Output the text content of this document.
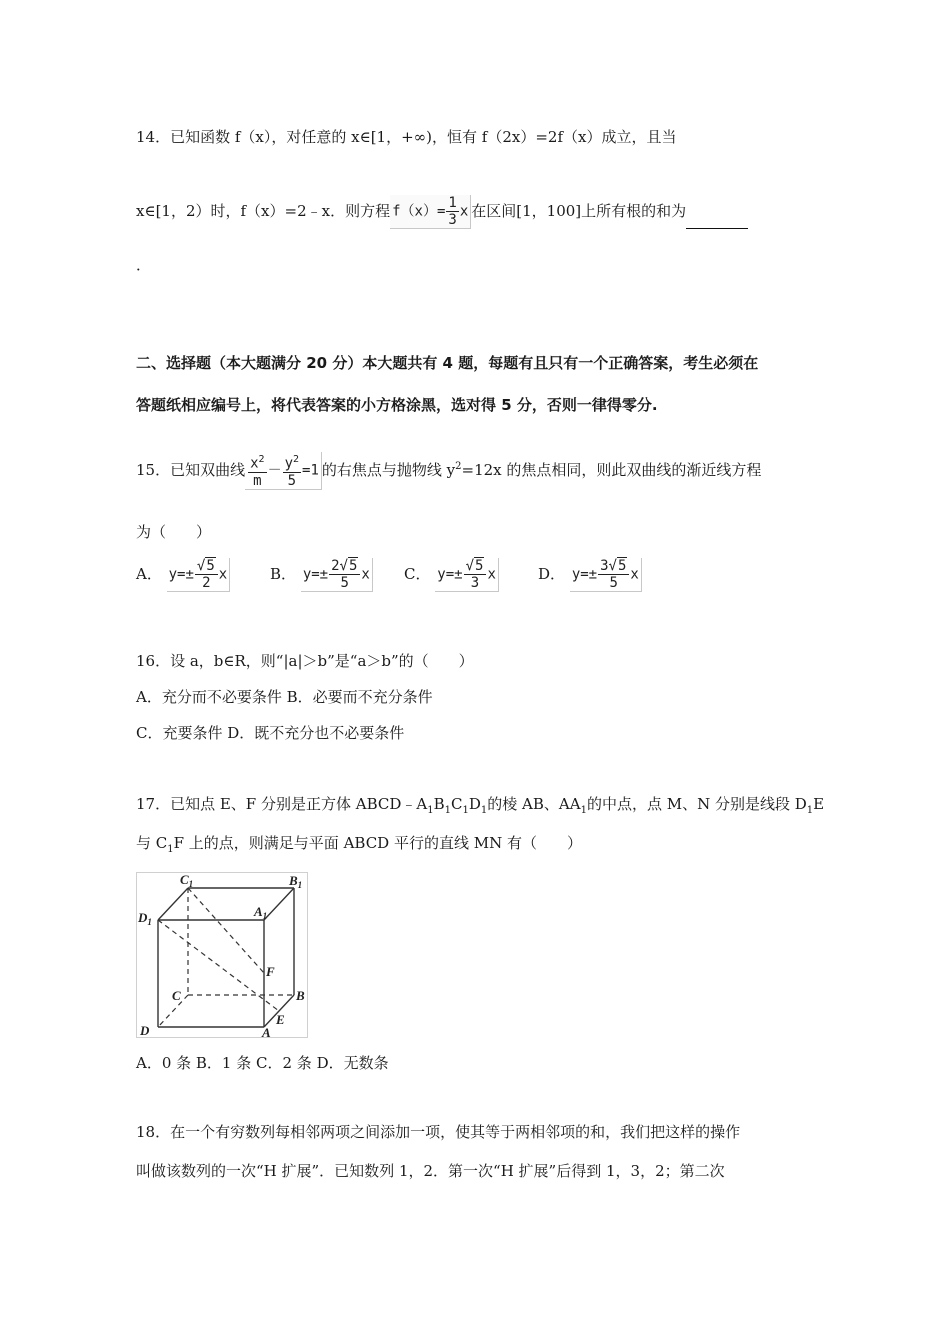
14．已知函数 f（x），对任意的 x∈[1，+∞)，恒有 f（2x）=2f（x）成立，且当
x∈[1，2）时，f（x）=2﹣x．则方程 $f(x)= \frac{1}{3}$ x 在区间[1，100]上所有根的和为
．
二、选择题（本大题满分 20 分）本大题共有 4 题，每题有且只有一个正确答案，考生必须在
答题纸相应编号上，将代表答案的小方格涂黑，选对得 5 分，否则一律得零分.
15．已知双曲线 $\frac{x^2}{m} - \frac{y^2}{5} =1$ 的右焦点与抛物线 $y^2=12x$ 的焦点相同，则此双曲线的渐近线方程
为（　　）
A． $y=\pm \frac{√5}{2}$ x	B． $y=\pm \frac{2√5}{5}$ x C． $y=\pm \frac{√5}{3}$ x	D． $y=\pm \frac{3√5}{5}$ x
16．设 a，b∈R，则“|a|＞b”是“a＞b”的（　　）
A．充分而不必要条件 B．必要而不充分条件
C．充要条件 D．既不充分也不必要条件
17．已知点 E、F 分别是正方体 $ABCD﹣A_1B_1C_1D_1$的棱 AB、$AA_1$的中点，点 M、N 分别是线段 $D_1E$
与 $C_1F$ 上的点，则满足与平面 ABCD 平行的直线 MN 有（　　）
$C_1$	$B_1$
$D_1$
$A_1$
F
C	B
D	A
E
A．0 条 B．1 条 C．2 条 D．无数条
18．在一个有穷数列每相邻两项之间添加一项，使其等于两相邻项的和，我们把这样的操作
叫做该数列的一次“H 扩展”．已知数列 1，2．第一次“H 扩展”后得到 1，3，2；第二次
